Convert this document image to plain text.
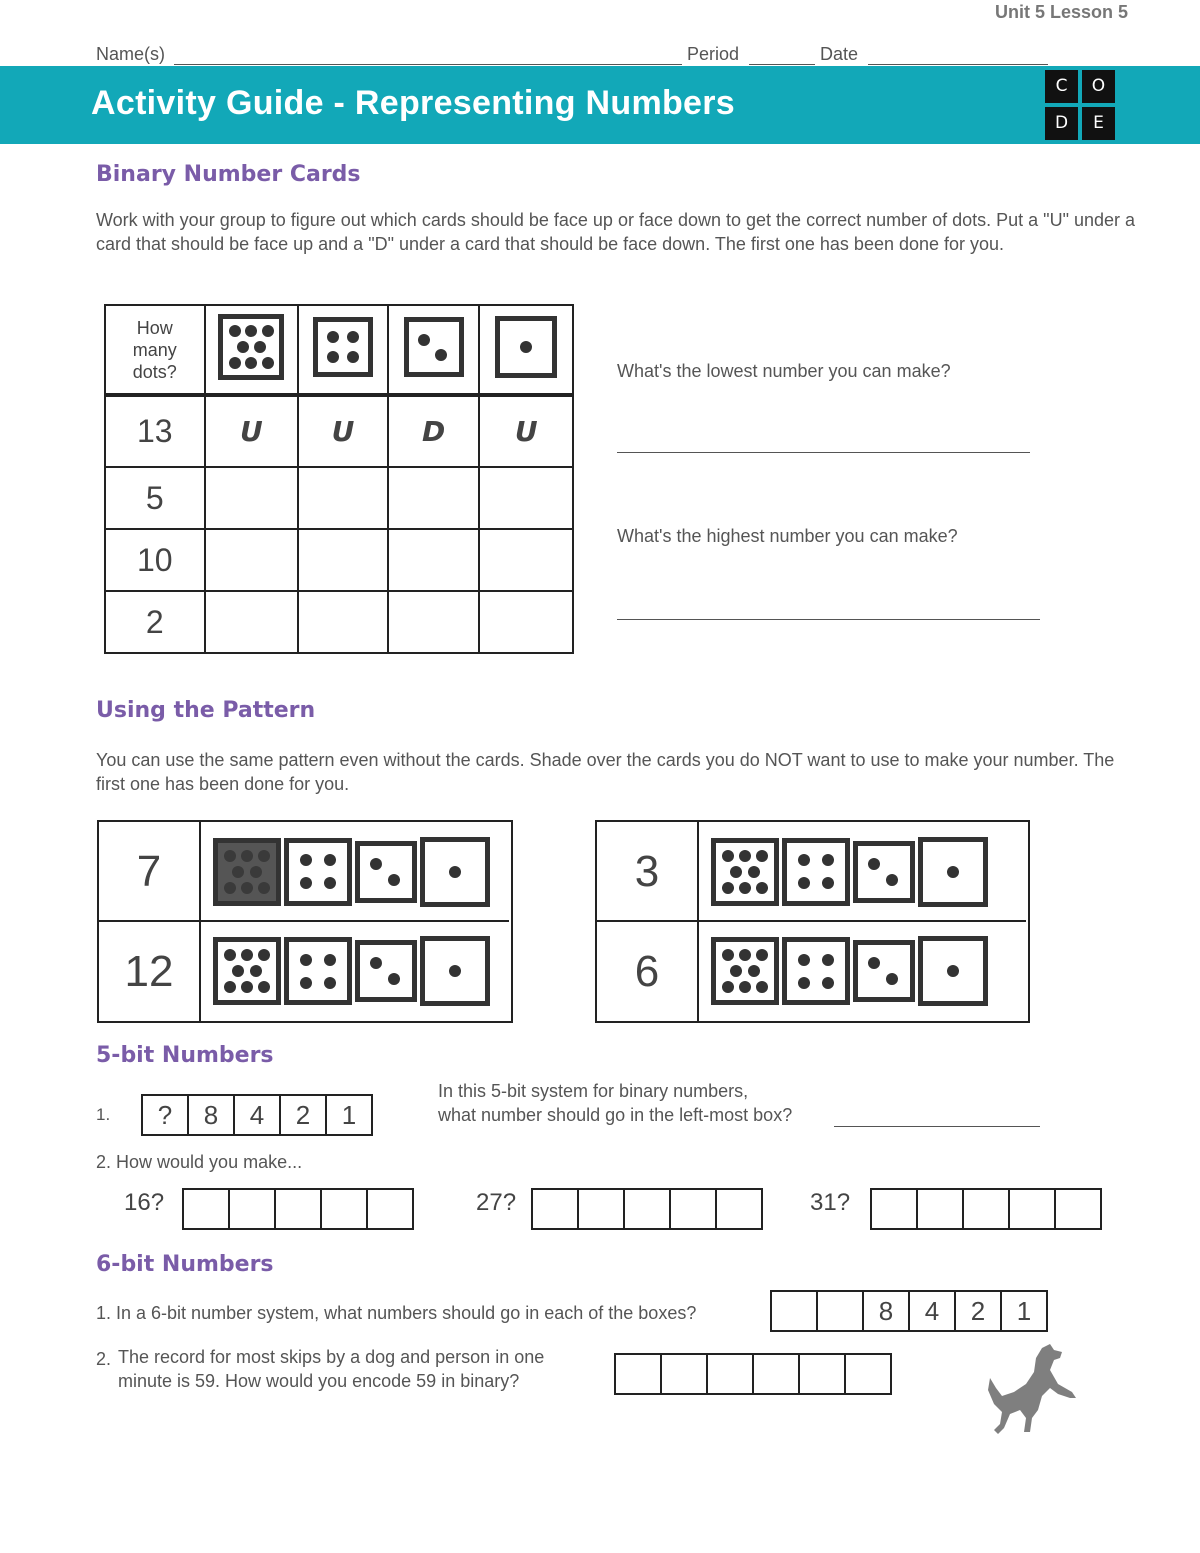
Unit 5 Lesson 5
Name(s)	Period	Date
Activity Guide - Representing Numbers	C	O
D	E
Binary Number Cards
Work with your group to figure out which cards should be face up or face down to get the correct number of dots. Put a "U" under a card that should be face up and a "D" under a card that should be face down. The first one has been done for you.
How many dots?				

13	U	U	D	U
5				
10				
2				
What's the lowest number you can make?
What's the highest number you can make?
Using the Pattern
You can use the same pattern even without the cards. Shade over the cards you do NOT want to use to make your number. The first one has been done for you.
7
12
3
6
5-bit Numbers
1.	?	8	4	2	1
In this 5-bit system for binary numbers,
what number should go in the left-most box?
2. How would you make...
16?	27?	31?
6-bit Numbers
1. In a 6-bit number system, what numbers should go in each of the boxes?	8	4	2	1
2. The record for most skips by a dog and person in one
minute is 59. How would you encode 59 in binary?
